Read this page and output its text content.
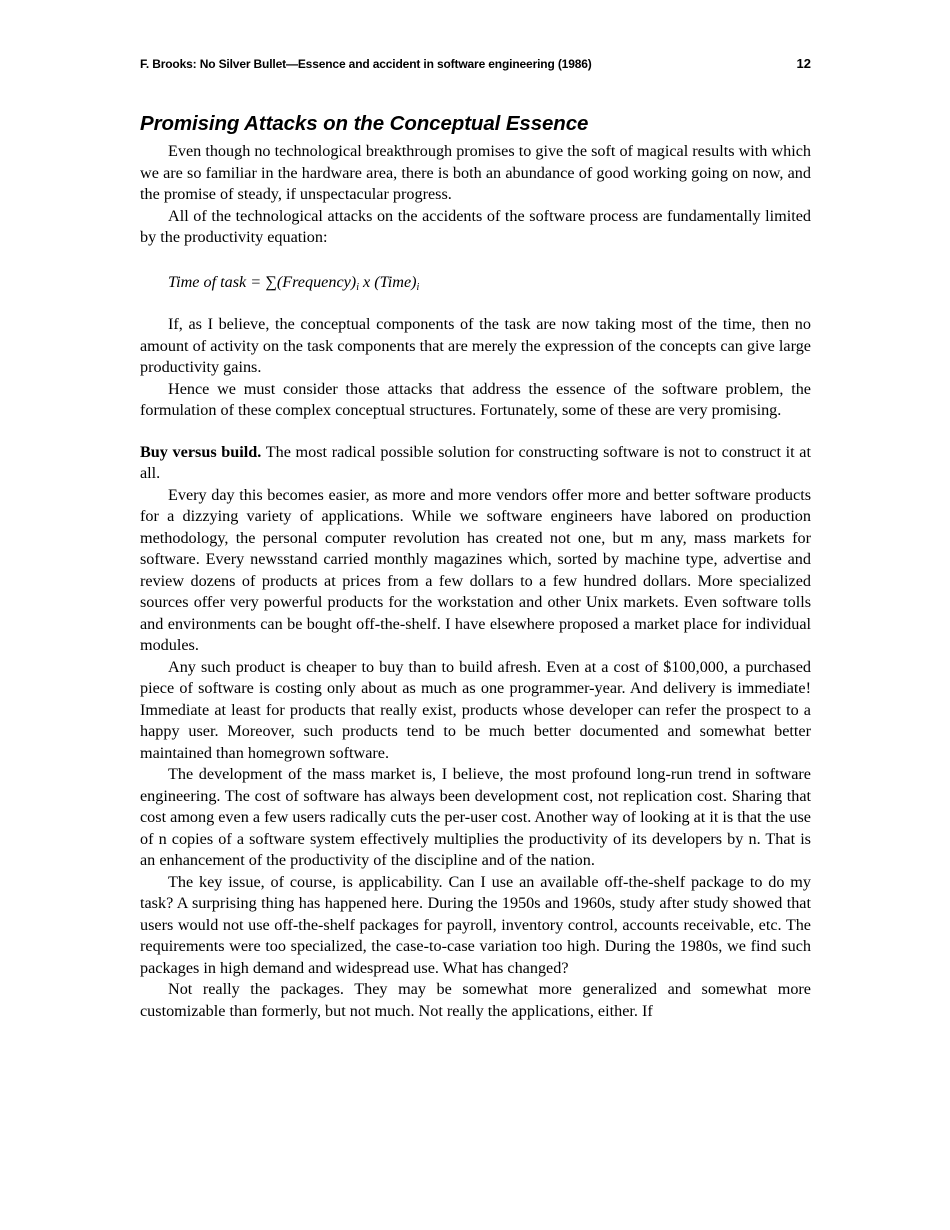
F. Brooks: No Silver Bullet—Essence and accident in software engineering (1986)	12
Promising Attacks on the Conceptual Essence

Even though no technological breakthrough promises to give the soft of magical results with which we are so familiar in the hardware area, there is both an abundance of good working going on now, and the promise of steady, if unspectacular progress.

All of the technological attacks on the accidents of the software process are fundamentally limited by the productivity equation:

Time of task = $\sum(Frequency)_i$ x $(Time)_i$

If, as I believe, the conceptual components of the task are now taking most of the time, then no amount of activity on the task components that are merely the expression of the concepts can give large productivity gains.

Hence we must consider those attacks that address the essence of the software problem, the formulation of these complex conceptual structures. Fortunately, some of these are very promising.

Buy versus build. The most radical possible solution for constructing software is not to construct it at all.

Every day this becomes easier, as more and more vendors offer more and better software products for a dizzying variety of applications. While we software engineers have labored on production methodology, the personal computer revolution has created not one, but m any, mass markets for software. Every newsstand carried monthly magazines which, sorted by machine type, advertise and review dozens of products at prices from a few dollars to a few hundred dollars. More specialized sources offer very powerful products for the workstation and other Unix markets. Even software tolls and environments can be bought off-the-shelf. I have elsewhere proposed a market place for individual modules.

Any such product is cheaper to buy than to build afresh. Even at a cost of $100,000, a purchased piece of software is costing only about as much as one programmer-year. And delivery is immediate! Immediate at least for products that really exist, products whose developer can refer the prospect to a happy user. Moreover, such products tend to be much better documented and somewhat better maintained than homegrown software.

The development of the mass market is, I believe, the most profound long-run trend in software engineering. The cost of software has always been development cost, not replication cost. Sharing that cost among even a few users radically cuts the per-user cost. Another way of looking at it is that the use of n copies of a software system effectively multiplies the productivity of its developers by n. That is an enhancement of the productivity of the discipline and of the nation.

The key issue, of course, is applicability. Can I use an available off-the-shelf package to do my task? A surprising thing has happened here. During the 1950s and 1960s, study after study showed that users would not use off-the-shelf packages for payroll, inventory control, accounts receivable, etc. The requirements were too specialized, the case-to-case variation too high. During the 1980s, we find such packages in high demand and widespread use. What has changed?

Not really the packages. They may be somewhat more generalized and somewhat more customizable than formerly, but not much. Not really the applications, either. If
